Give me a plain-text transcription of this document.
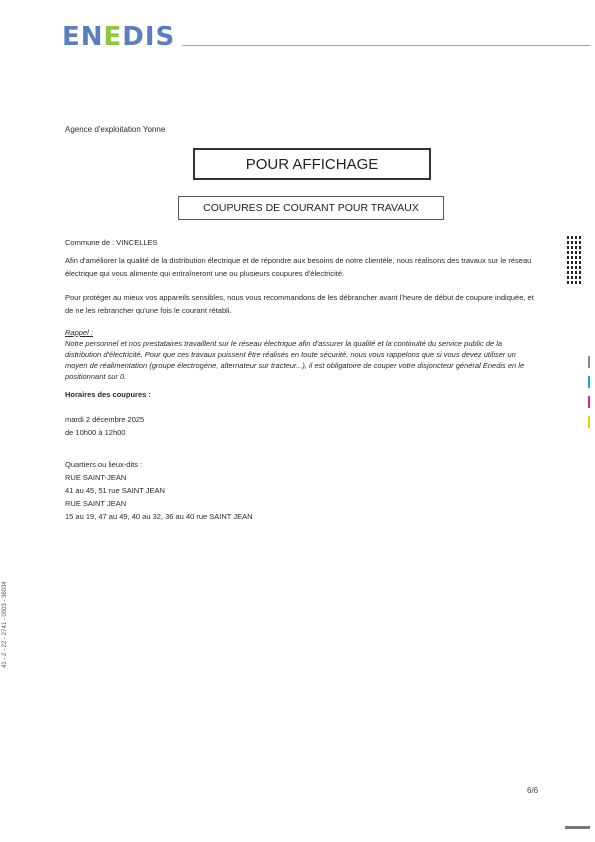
ENEDIS
Agence d'exploitation Yonne
POUR AFFICHAGE
COUPURES DE COURANT POUR TRAVAUX
Commune de : VINCELLES
Afin d'améliorer la qualité de la distribution électrique et de répondre aux besoins de notre clientèle, nous réalisons des travaux sur le réseau électrique qui vous alimente qui entraîneront une ou plusieurs coupures d'électricité.
Pour protéger au mieux vos appareils sensibles, nous vous recommandons de les débrancher avant l'heure de début de coupure indiquée, et de ne les rebrancher qu'une fois le courant rétabli.
Rappel :
Notre personnel et nos prestataires travaillent sur le réseau électrique afin d'assurer la qualité et la continuité du service public de la distribution d'électricité. Pour que ces travaux puissent être réalisés en toute sécurité, nous vous rappelons que si vous devez utiliser un moyen de réalimentation (groupe électrogène, alternateur sur tracteur...), il est obligatoire de couper votre disjoncteur général Enedis en le positionnant sur 0.
Horaires des coupures :
mardi 2 décembre 2025
de 10h00 à 12h00
Quartiers ou lieux-dits :
RUE SAINT-JEAN
41 au 45, 51 rue SAINT JEAN
RUE SAINT JEAN
15 au 19, 47 au 49, 40 au 32, 36 au 40 rue SAINT JEAN
41 - 2 - 22 - 2741 - 0003 - 36034
6/6
